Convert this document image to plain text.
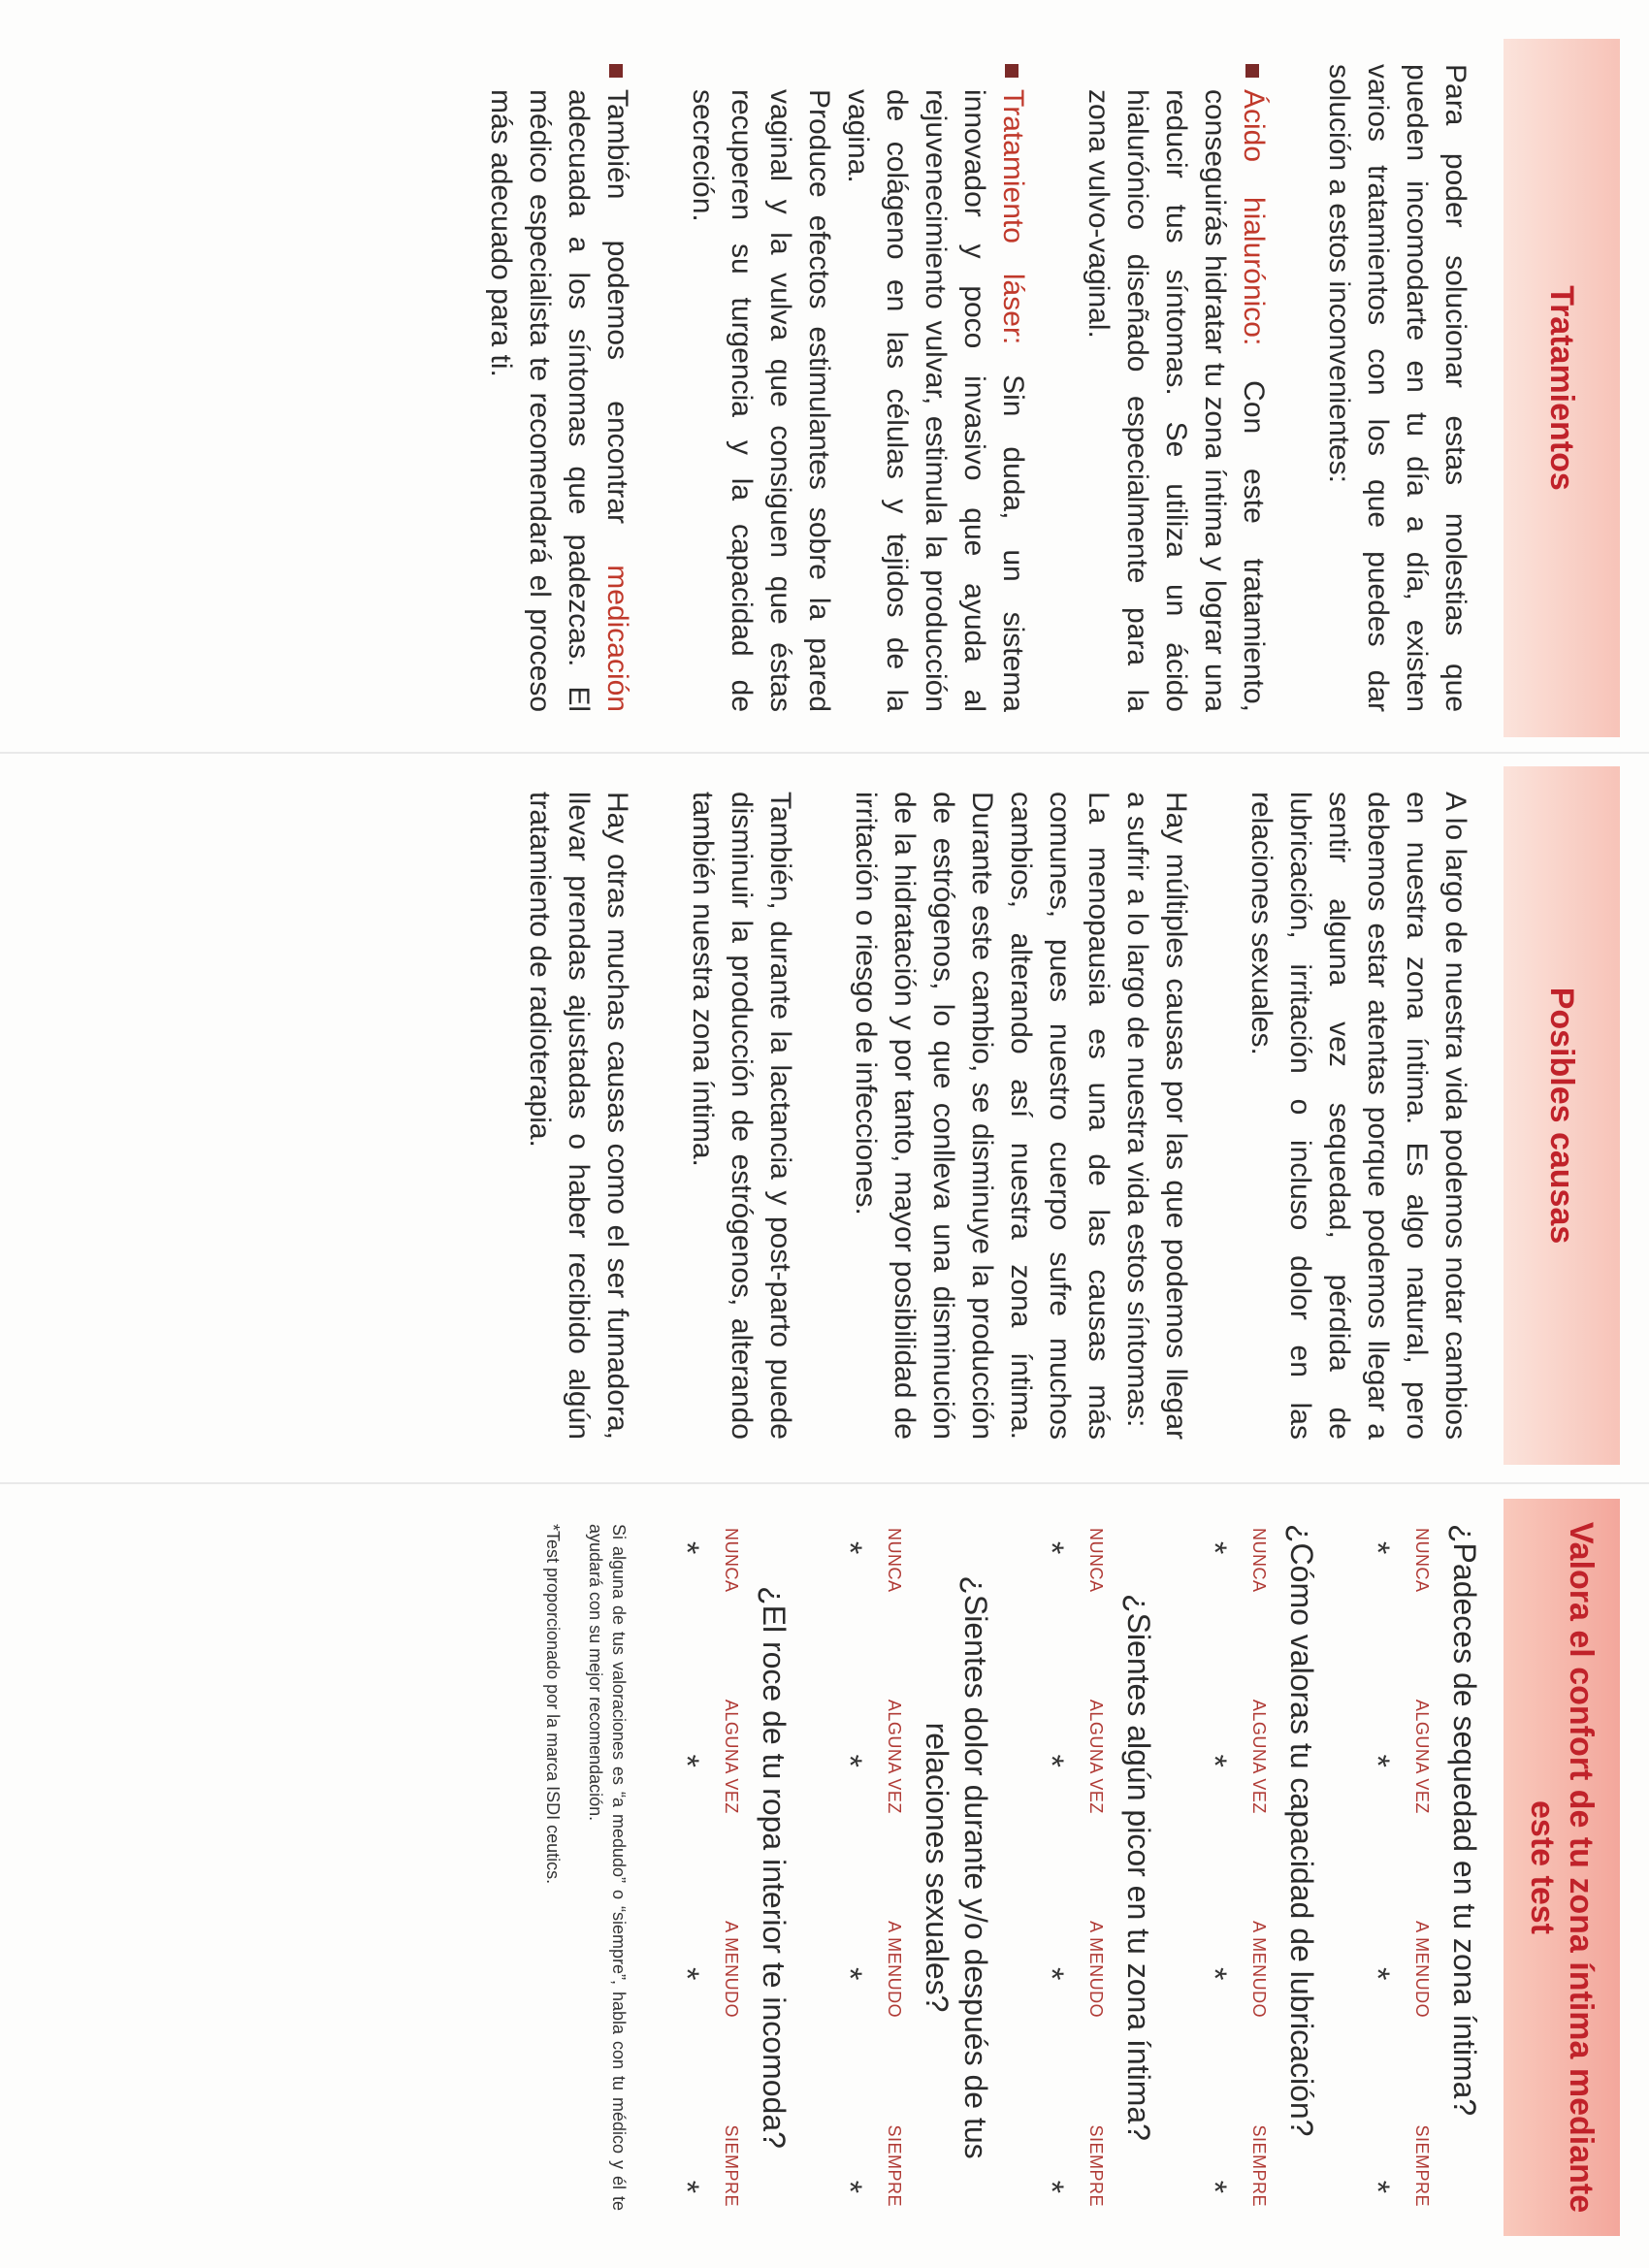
Tratamientos

Para poder solucionar estas molestias que pueden incomodarte en tu día a día, existen varios tratamientos con los que puedes dar solución a estos inconvenientes:

Ácido hialurónico: Con este tratamiento, conseguirás hidratar tu zona íntima y lograr una reducir tus síntomas. Se utiliza un ácido hialurónico diseñado especialmente para la zona vulvo-vaginal.
Tratamiento láser: Sin duda, un sistema innovador y poco invasivo que ayuda al rejuvenecimiento vulvar, estimula la producción de colágeno en las células y tejidos de la vagina.
Produce efectos estimulantes sobre la pared vaginal y la vulva que consiguen que éstas recuperen su turgencia y la capacidad de secreción.
También podemos encontrar medicación adecuada a los síntomas que padezcas. El médico especialista te recomendará el proceso más adecuado para ti.
Posibles causas

A lo largo de nuestra vida podemos notar cambios en nuestra zona íntima. Es algo natural, pero debemos estar atentas porque podemos llegar a sentir alguna vez sequedad, pérdida de lubricación, irritación o incluso dolor en las relaciones sexuales.

Hay múltiples causas por las que podemos llegar a sufrir a lo largo de nuestra vida estos síntomas:
La menopausia es una de las causas más comunes, pues nuestro cuerpo sufre muchos cambios, alterando así nuestra zona íntima. Durante este cambio, se disminuye la producción de estrógenos, lo que conlleva una disminución de la hidratación y por tanto, mayor posibilidad de irritación o riesgo de infecciones.

También, durante la lactancia y post-parto puede disminuir la producción de estrógenos, alterando también nuestra zona íntima.

Hay otras muchas causas como el ser fumadora, llevar prendas ajustadas o haber recibido algún tratamiento de radioterapia.

Valora el confort de tu zona íntima mediante este test
¿Padeces de sequedad en tu zona íntima?
NUNCA
ALGUNA VEZ
A MENUDO
SIEMPRE
*
*
*
*
¿Cómo valoras tu capacidad de lubricación?
NUNCA
ALGUNA VEZ
A MENUDO
SIEMPRE
*
*
*
*
¿Sientes algún picor en tu zona íntima?
NUNCA
ALGUNA VEZ
A MENUDO
SIEMPRE
*
*
*
*
¿Sientes dolor durante y/o después de tus relaciones sexuales?
NUNCA
ALGUNA VEZ
A MENUDO
SIEMPRE
*
*
*
*
¿El roce de tu ropa interior te incomoda?
NUNCA
ALGUNA VEZ
A MENUDO
SIEMPRE
*
*
*
*
Si alguna de tus valoraciones es “a medudo” o “siempre”, habla con tu médico y él te ayudará con su mejor recomendación.
*Test proporcionado por la marca ISDI ceutics.
